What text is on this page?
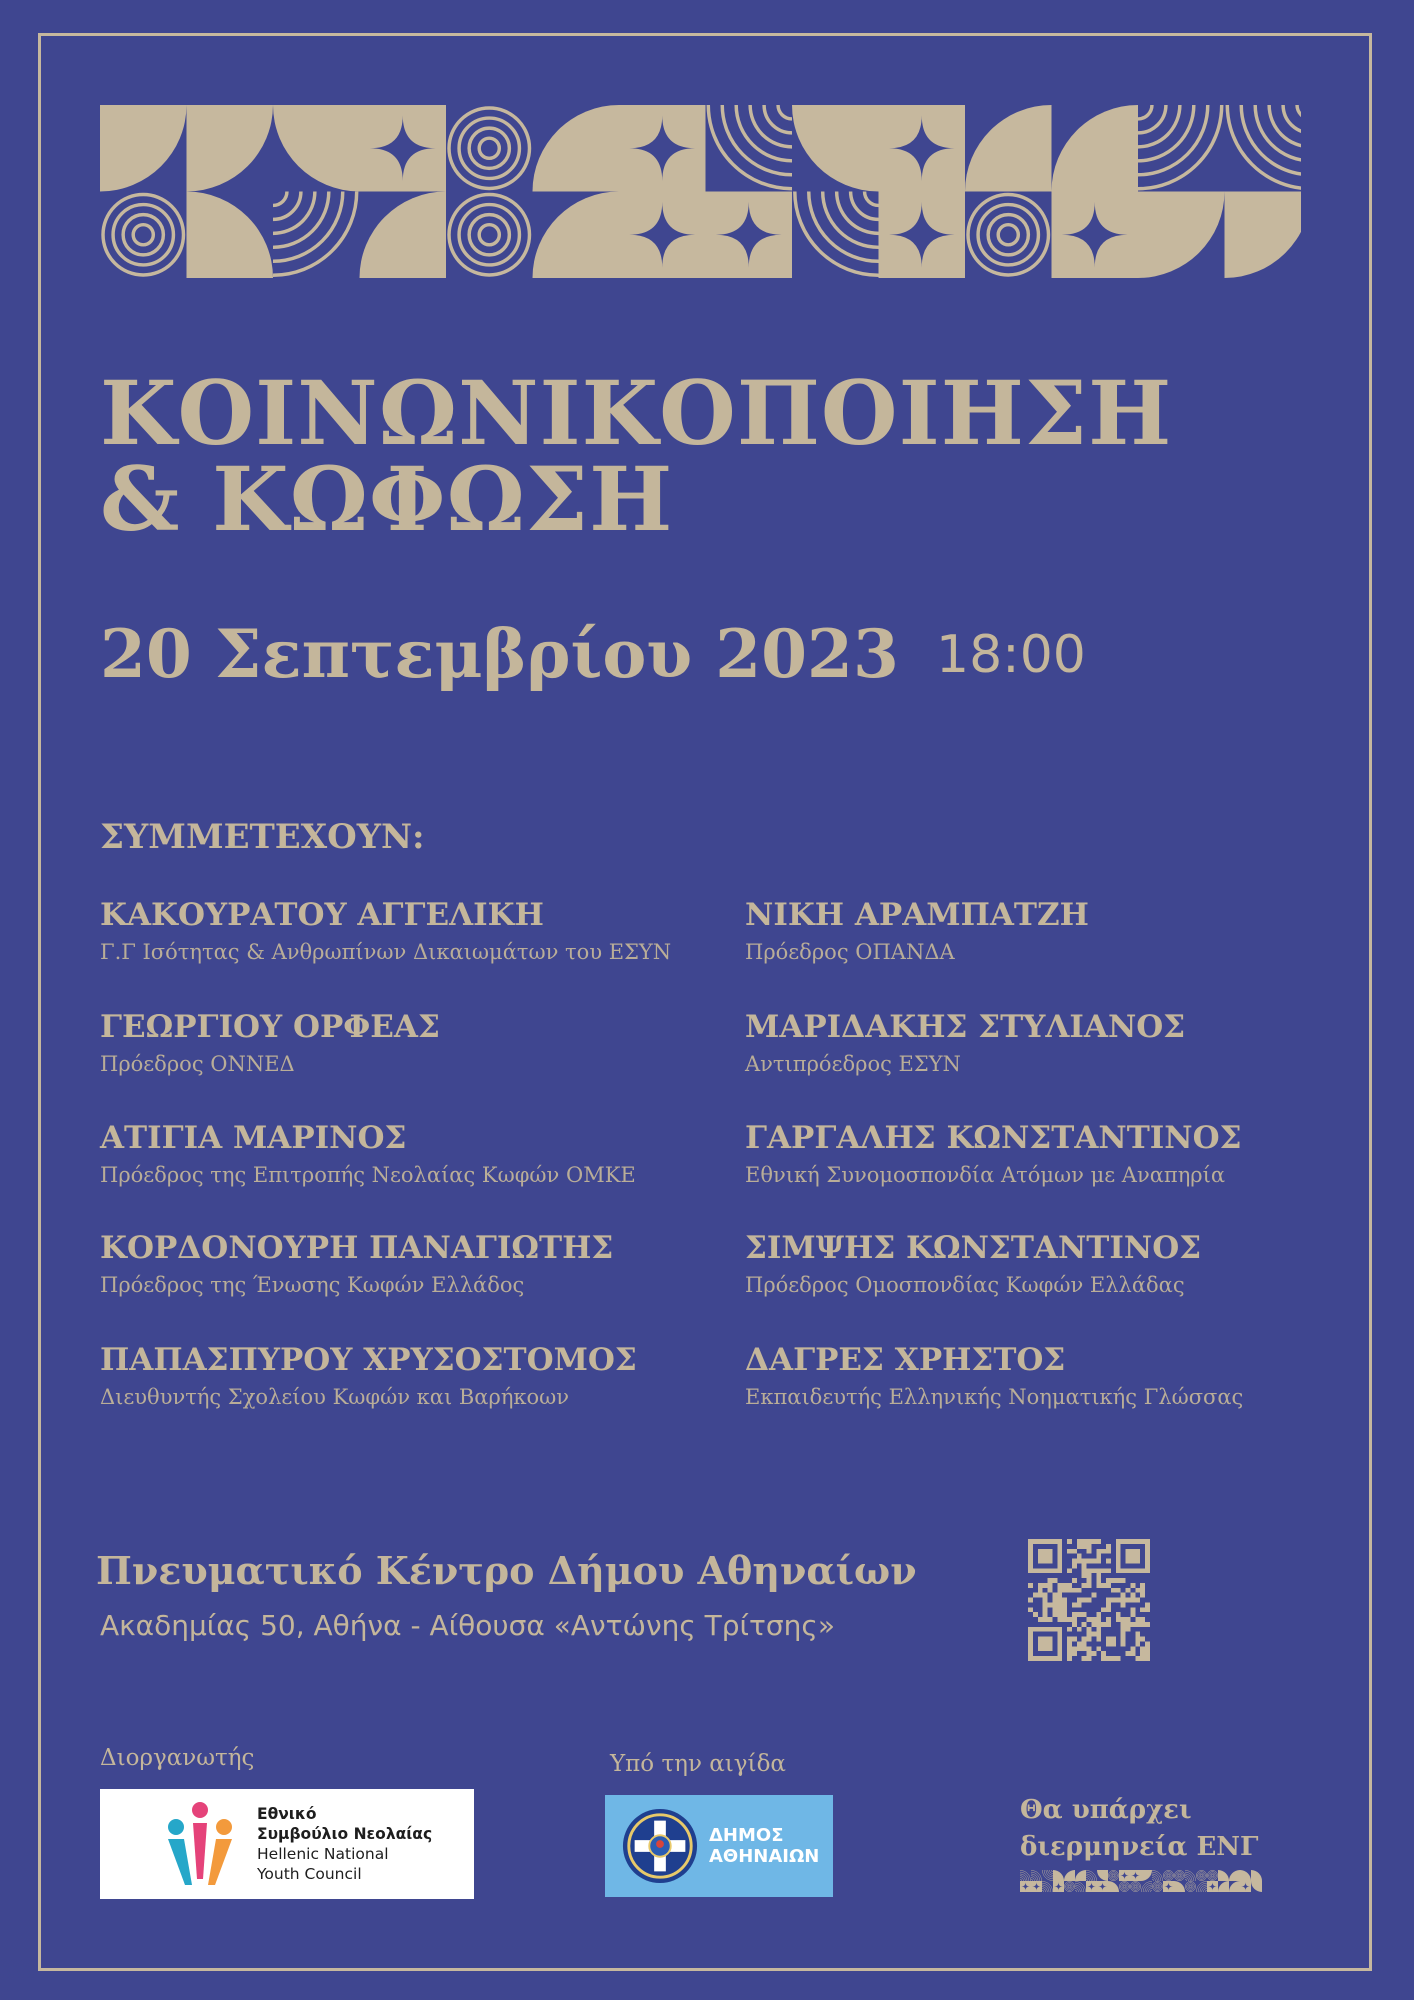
ΚΟΙΝΩΝΙΚΟΠΟΙΗΣΗ
& ΚΩΦΩΣΗ
20 Σεπτεμβρίου 2023 18:00
ΣΥΜΜΕΤΕΧΟΥΝ:
ΚΑΚΟΥΡΑΤΟΥ ΑΓΓΕΛΙΚΗ
Γ.Γ Ισότητας & Ανθρωπίνων Δικαιωμάτων του ΕΣΥΝ
ΝΙΚΗ ΑΡΑΜΠΑΤΖΗ
Πρόεδρος ΟΠΑΝΔΑ
ΓΕΩΡΓΙΟΥ ΟΡΦΕΑΣ
Πρόεδρος ΟΝΝΕΔ
ΜΑΡΙΔΑΚΗΣ ΣΤΥΛΙΑΝΟΣ
Αντιπρόεδρος ΕΣΥΝ
ΑΤΙΓΙΑ ΜΑΡΙΝΟΣ
Πρόεδρος της Επιτροπής Νεολαίας Κωφών ΟΜΚΕ
ΓΑΡΓΑΛΗΣ ΚΩΝΣΤΑΝΤΙΝΟΣ
Εθνική Συνομοσπονδία Ατόμων με Αναπηρία
ΚΟΡΔΟΝΟΥΡΗ ΠΑΝΑΓΙΩΤΗΣ
Πρόεδρος της Ένωσης Κωφών Ελλάδος
ΣΙΜΨΗΣ ΚΩΝΣΤΑΝΤΙΝΟΣ
Πρόεδρος Ομοσπονδίας Κωφών Ελλάδας
ΠΑΠΑΣΠΥΡΟΥ ΧΡΥΣΟΣΤΟΜΟΣ
Διευθυντής Σχολείου Κωφών και Βαρήκοων
ΔΑΓΡΕΣ ΧΡΗΣΤΟΣ
Εκπαιδευτής Ελληνικής Νοηματικής Γλώσσας
Πνευματικό Κέντρο Δήμου Αθηναίων
Ακαδημίας 50, Αθήνα - Αίθουσα «Αντώνης Τρίτσης»
Διοργανωτής	Υπό την αιγίδα
Εθνικό
Συμβούλιο Νεολαίας
Hellenic National
Youth Council
ΔΗΜΟΣ
ΑΘΗΝΑΙΩΝ
Θα υπάρχει
διερμηνεία ΕΝΓ
